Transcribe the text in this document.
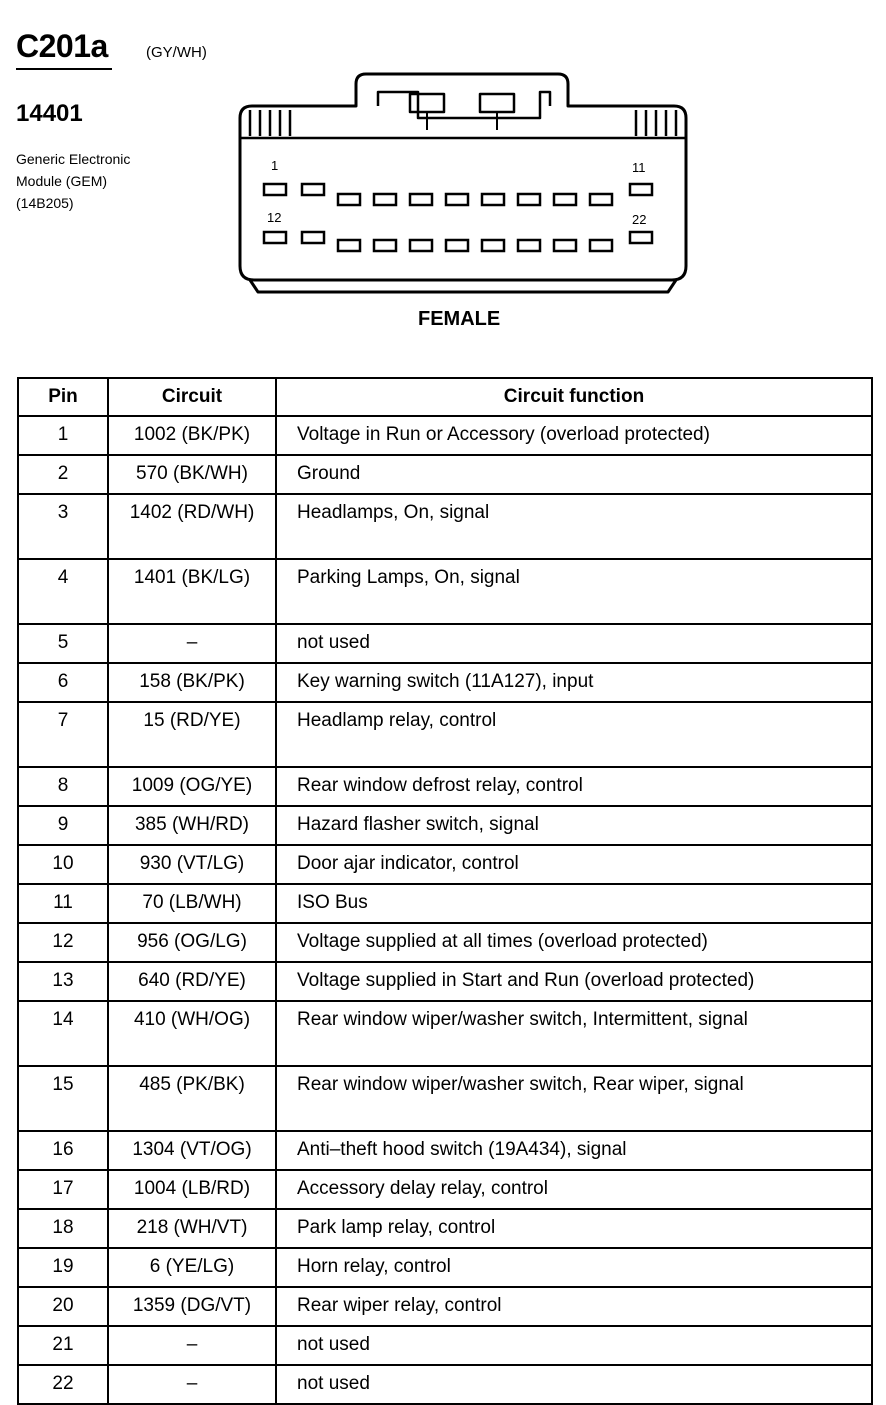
C201a	(GY/WH)
14401
Generic Electronic
Module (GEM)
(14B205)
1	11
12	22
FEMALE
Pin	Circuit	Circuit function
1	1002 (BK/PK)	Voltage in Run or Accessory (overload protected)
2	570 (BK/WH)	Ground
3	1402 (RD/WH)	Headlamps, On, signal
4	1401 (BK/LG)	Parking Lamps, On, signal
5	–	not used
6	158 (BK/PK)	Key warning switch (11A127), input
7	15 (RD/YE)	Headlamp relay, control
8	1009 (OG/YE)	Rear window defrost relay, control
9	385 (WH/RD)	Hazard flasher switch, signal
10	930 (VT/LG)	Door ajar indicator, control
11	70 (LB/WH)	ISO Bus
12	956 (OG/LG)	Voltage supplied at all times (overload protected)
13	640 (RD/YE)	Voltage supplied in Start and Run (overload protected)
14	410 (WH/OG)	Rear window wiper/washer switch, Intermittent, signal
15	485 (PK/BK)	Rear window wiper/washer switch, Rear wiper, signal
16	1304 (VT/OG)	Anti–theft hood switch (19A434), signal
17	1004 (LB/RD)	Accessory delay relay, control
18	218 (WH/VT)	Park lamp relay, control
19	6 (YE/LG)	Horn relay, control
20	1359 (DG/VT)	Rear wiper relay, control
21	–	not used
22	–	not used
